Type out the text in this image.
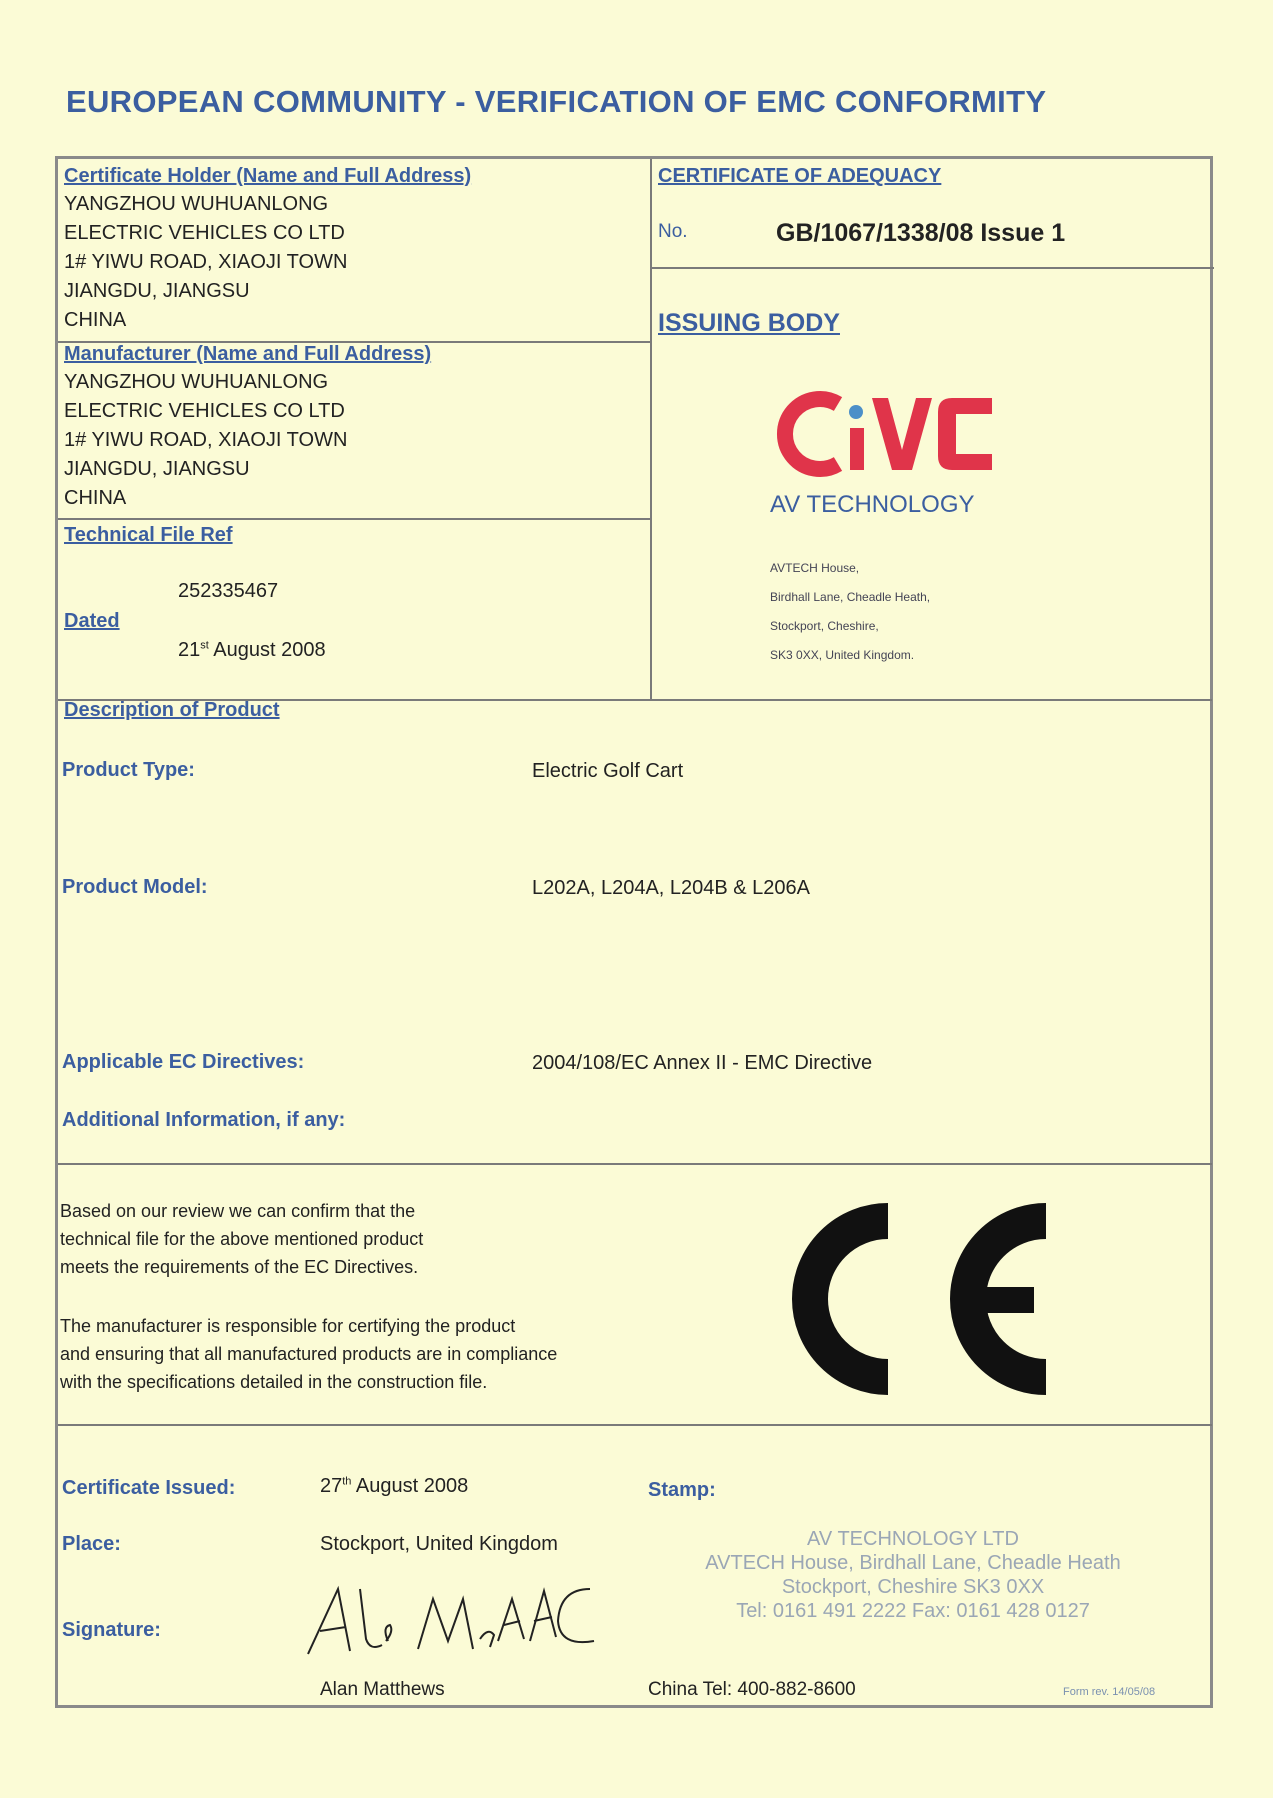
EUROPEAN COMMUNITY - VERIFICATION OF EMC CONFORMITY
Certificate Holder (Name and Full Address)
YANGZHOU WUHUANLONG
ELECTRIC VEHICLES CO LTD
1# YIWU ROAD, XIAOJI TOWN
JIANGDU, JIANGSU
CHINA
Manufacturer (Name and Full Address)
YANGZHOU WUHUANLONG
ELECTRIC VEHICLES CO LTD
1# YIWU ROAD, XIAOJI TOWN
JIANGDU, JIANGSU
CHINA
Technical File Ref
252335467
Dated
21st August 2008
CERTIFICATE OF ADEQUACY
No.	GB/1067/1338/08 Issue 1
ISSUING BODY
AV TECHNOLOGY
AVTECH House,
Birdhall Lane, Cheadle Heath,
Stockport, Cheshire,
SK3 0XX, United Kingdom.
Description of Product
Product Type:	Electric Golf Cart
Product Model:	L202A, L204A, L204B & L206A
Applicable EC Directives:	2004/108/EC Annex II - EMC Directive
Additional Information, if any:
Based on our review we can confirm that the
technical file for the above mentioned product
meets the requirements of the EC Directives.
The manufacturer is responsible for certifying the product
and ensuring that all manufactured products are in compliance
with the specifications detailed in the construction file.
Certificate Issued:	27th August 2008
Place:	Stockport, United Kingdom
Signature:
Alan Matthews
Stamp:
AV TECHNOLOGY LTD
AVTECH House, Birdhall Lane, Cheadle Heath
Stockport, Cheshire SK3 0XX
Tel: 0161 491 2222 Fax: 0161 428 0127
China Tel: 400-882-8600	Form rev. 14/05/08
